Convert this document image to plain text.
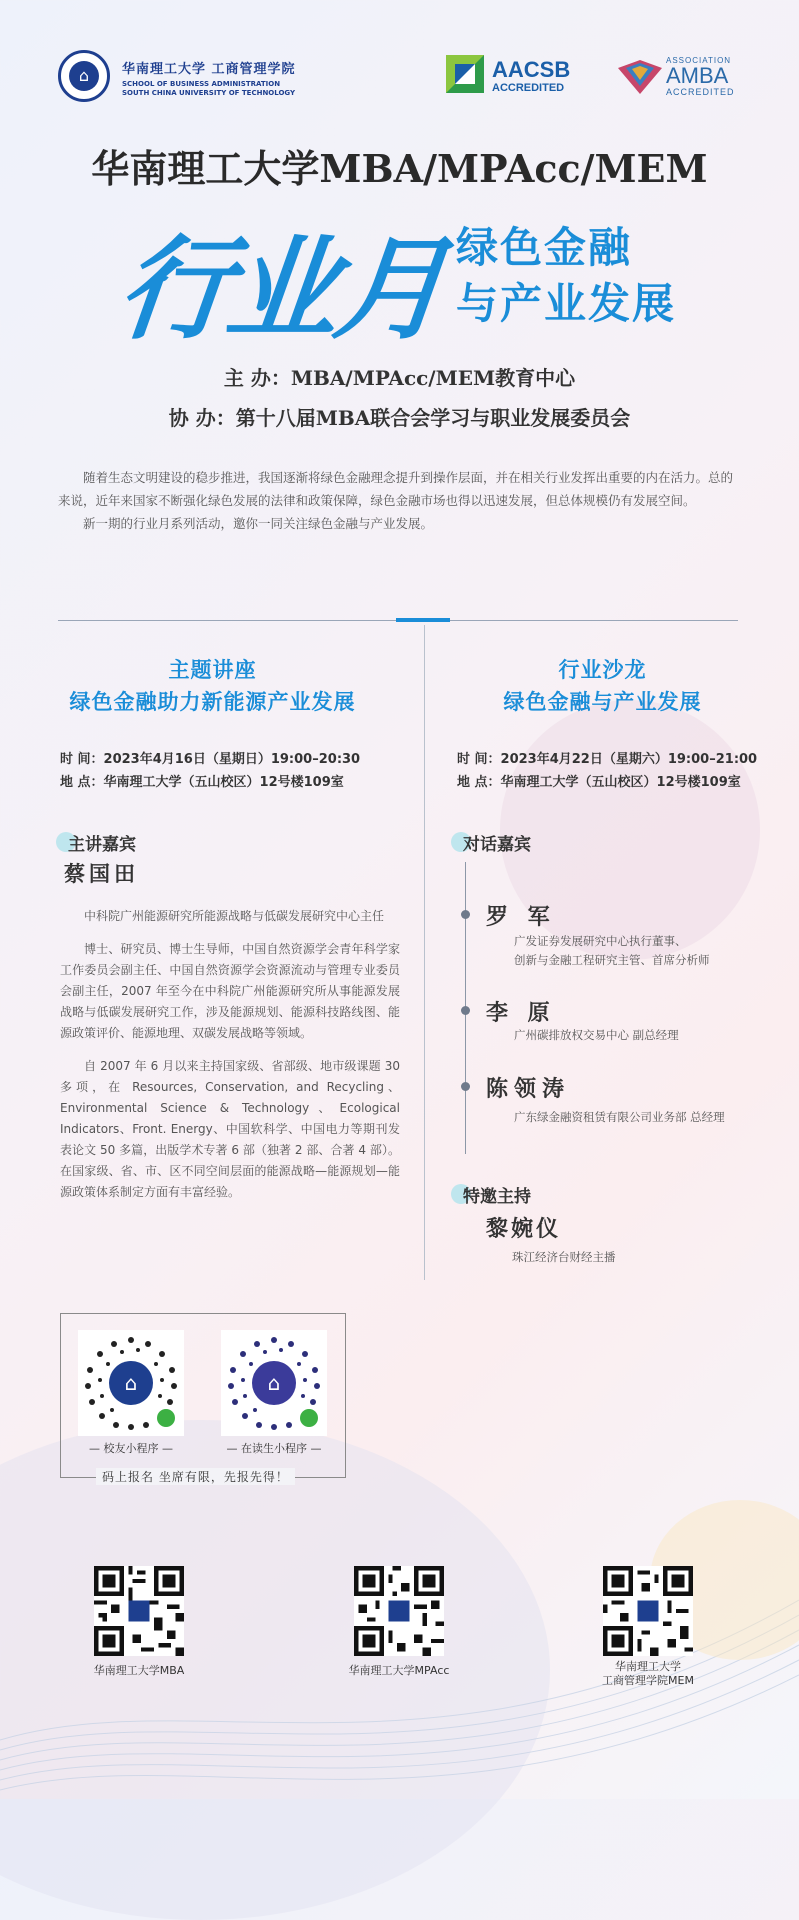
⌂	华南理工大学 工商管理学院
SCHOOL OF BUSINESS ADMINISTRATION
SOUTH CHINA UNIVERSITY OF TECHNOLOGY
AACSB
ACCREDITED
ASSOCIATION
AMBA
ACCREDITED
华南理工大学MBA/MPAcc/MEM
行业月 绿色金融
与产业发展
主 办：MBA/MPAcc/MEM教育中心
协 办：第十八届MBA联合会学习与职业发展委员会

随着生态文明建设的稳步推进，我国逐渐将绿色金融理念提升到操作层面，并在相关行业发挥出重要的内在活力。总的来说，近年来国家不断强化绿色发展的法律和政策保障，绿色金融市场也得以迅速发展，但总体规模仍有发展空间。

新一期的行业月系列活动，邀你一同关注绿色金融与产业发展。

主题讲座
绿色金融助力新能源产业发展
时 间：2023年4月16日（星期日）19:00–20:30
地 点：华南理工大学（五山校区）12号楼109室
主讲嘉宾
蔡国田

中科院广州能源研究所能源战略与低碳发展研究中心主任

博士、研究员、博士生导师，中国自然资源学会青年科学家工作委员会副主任、中国自然资源学会资源流动与管理专业委员会副主任，2007 年至今在中科院广州能源研究所从事能源发展战略与低碳发展研究工作，涉及能源规划、能源科技路线图、能源政策评价、能源地理、双碳发展战略等领域。

自 2007 年 6 月以来主持国家级、省部级、地市级课题 30 多项，在 Resources, Conservation, and Recycling、Environmental Science & Technology、Ecological Indicators、Front. Energy、中国软科学、中国电力等期刊发表论文 50 多篇，出版学术专著 6 部（独著 2 部、合著 4 部）。在国家级、省、市、区不同空间层面的能源战略—能源规划—能源政策体系制定方面有丰富经验。

行业沙龙
绿色金融与产业发展
时 间：2023年4月22日（星期六）19:00–21:00
地 点：华南理工大学（五山校区）12号楼109室
对话嘉宾
罗 军
广发证券发展研究中心执行董事、
创新与金融工程研究主管、首席分析师
李 原
广州碳排放权交易中心 副总经理
陈领涛
广东绿金融资租赁有限公司业务部 总经理
特邀主持
黎婉仪
珠江经济台财经主播
⌂	⌂
— 校友小程序 —	— 在读生小程序 —
码上报名 坐席有限，先报先得！
华南理工大学MBA	华南理工大学MPAcc	华南理工大学
工商管理学院MEM
